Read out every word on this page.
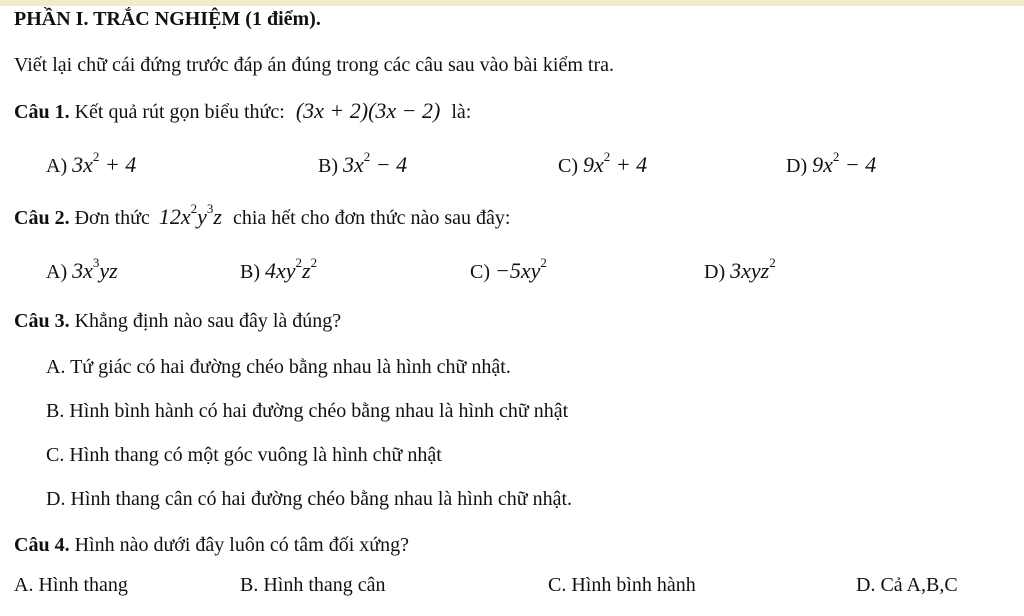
PHẦN I. TRẮC NGHIỆM (1 điểm).
Viết lại chữ cái đứng trước đáp án đúng trong các câu sau vào bài kiểm tra.
Câu 1. Kết quả rút gọn biểu thức: (3x + 2)(3x − 2) là:
A) $3x^2 + 4$	B) $3x^2 - 4$	C) $9x^2 + 4$	D) $9x^2 - 4$
Câu 2. Đơn thức $12x^2y^3z$ chia hết cho đơn thức nào sau đây:
A) $3x^3yz$	B) $4xy^2z^2$	$C) -5xy^2$	D) 3xyz$^2$
Câu 3. Khẳng định nào sau đây là đúng?
A. Tứ giác có hai đường chéo bằng nhau là hình chữ nhật.
B. Hình bình hành có hai đường chéo bằng nhau là hình chữ nhật
C. Hình thang có một góc vuông là hình chữ nhật
D. Hình thang cân có hai đường chéo bằng nhau là hình chữ nhật.
Câu 4. Hình nào dưới đây luôn có tâm đối xứng?
A. Hình thang	B. Hình thang cân	C. Hình bình hành	D. Cả A,B,C
